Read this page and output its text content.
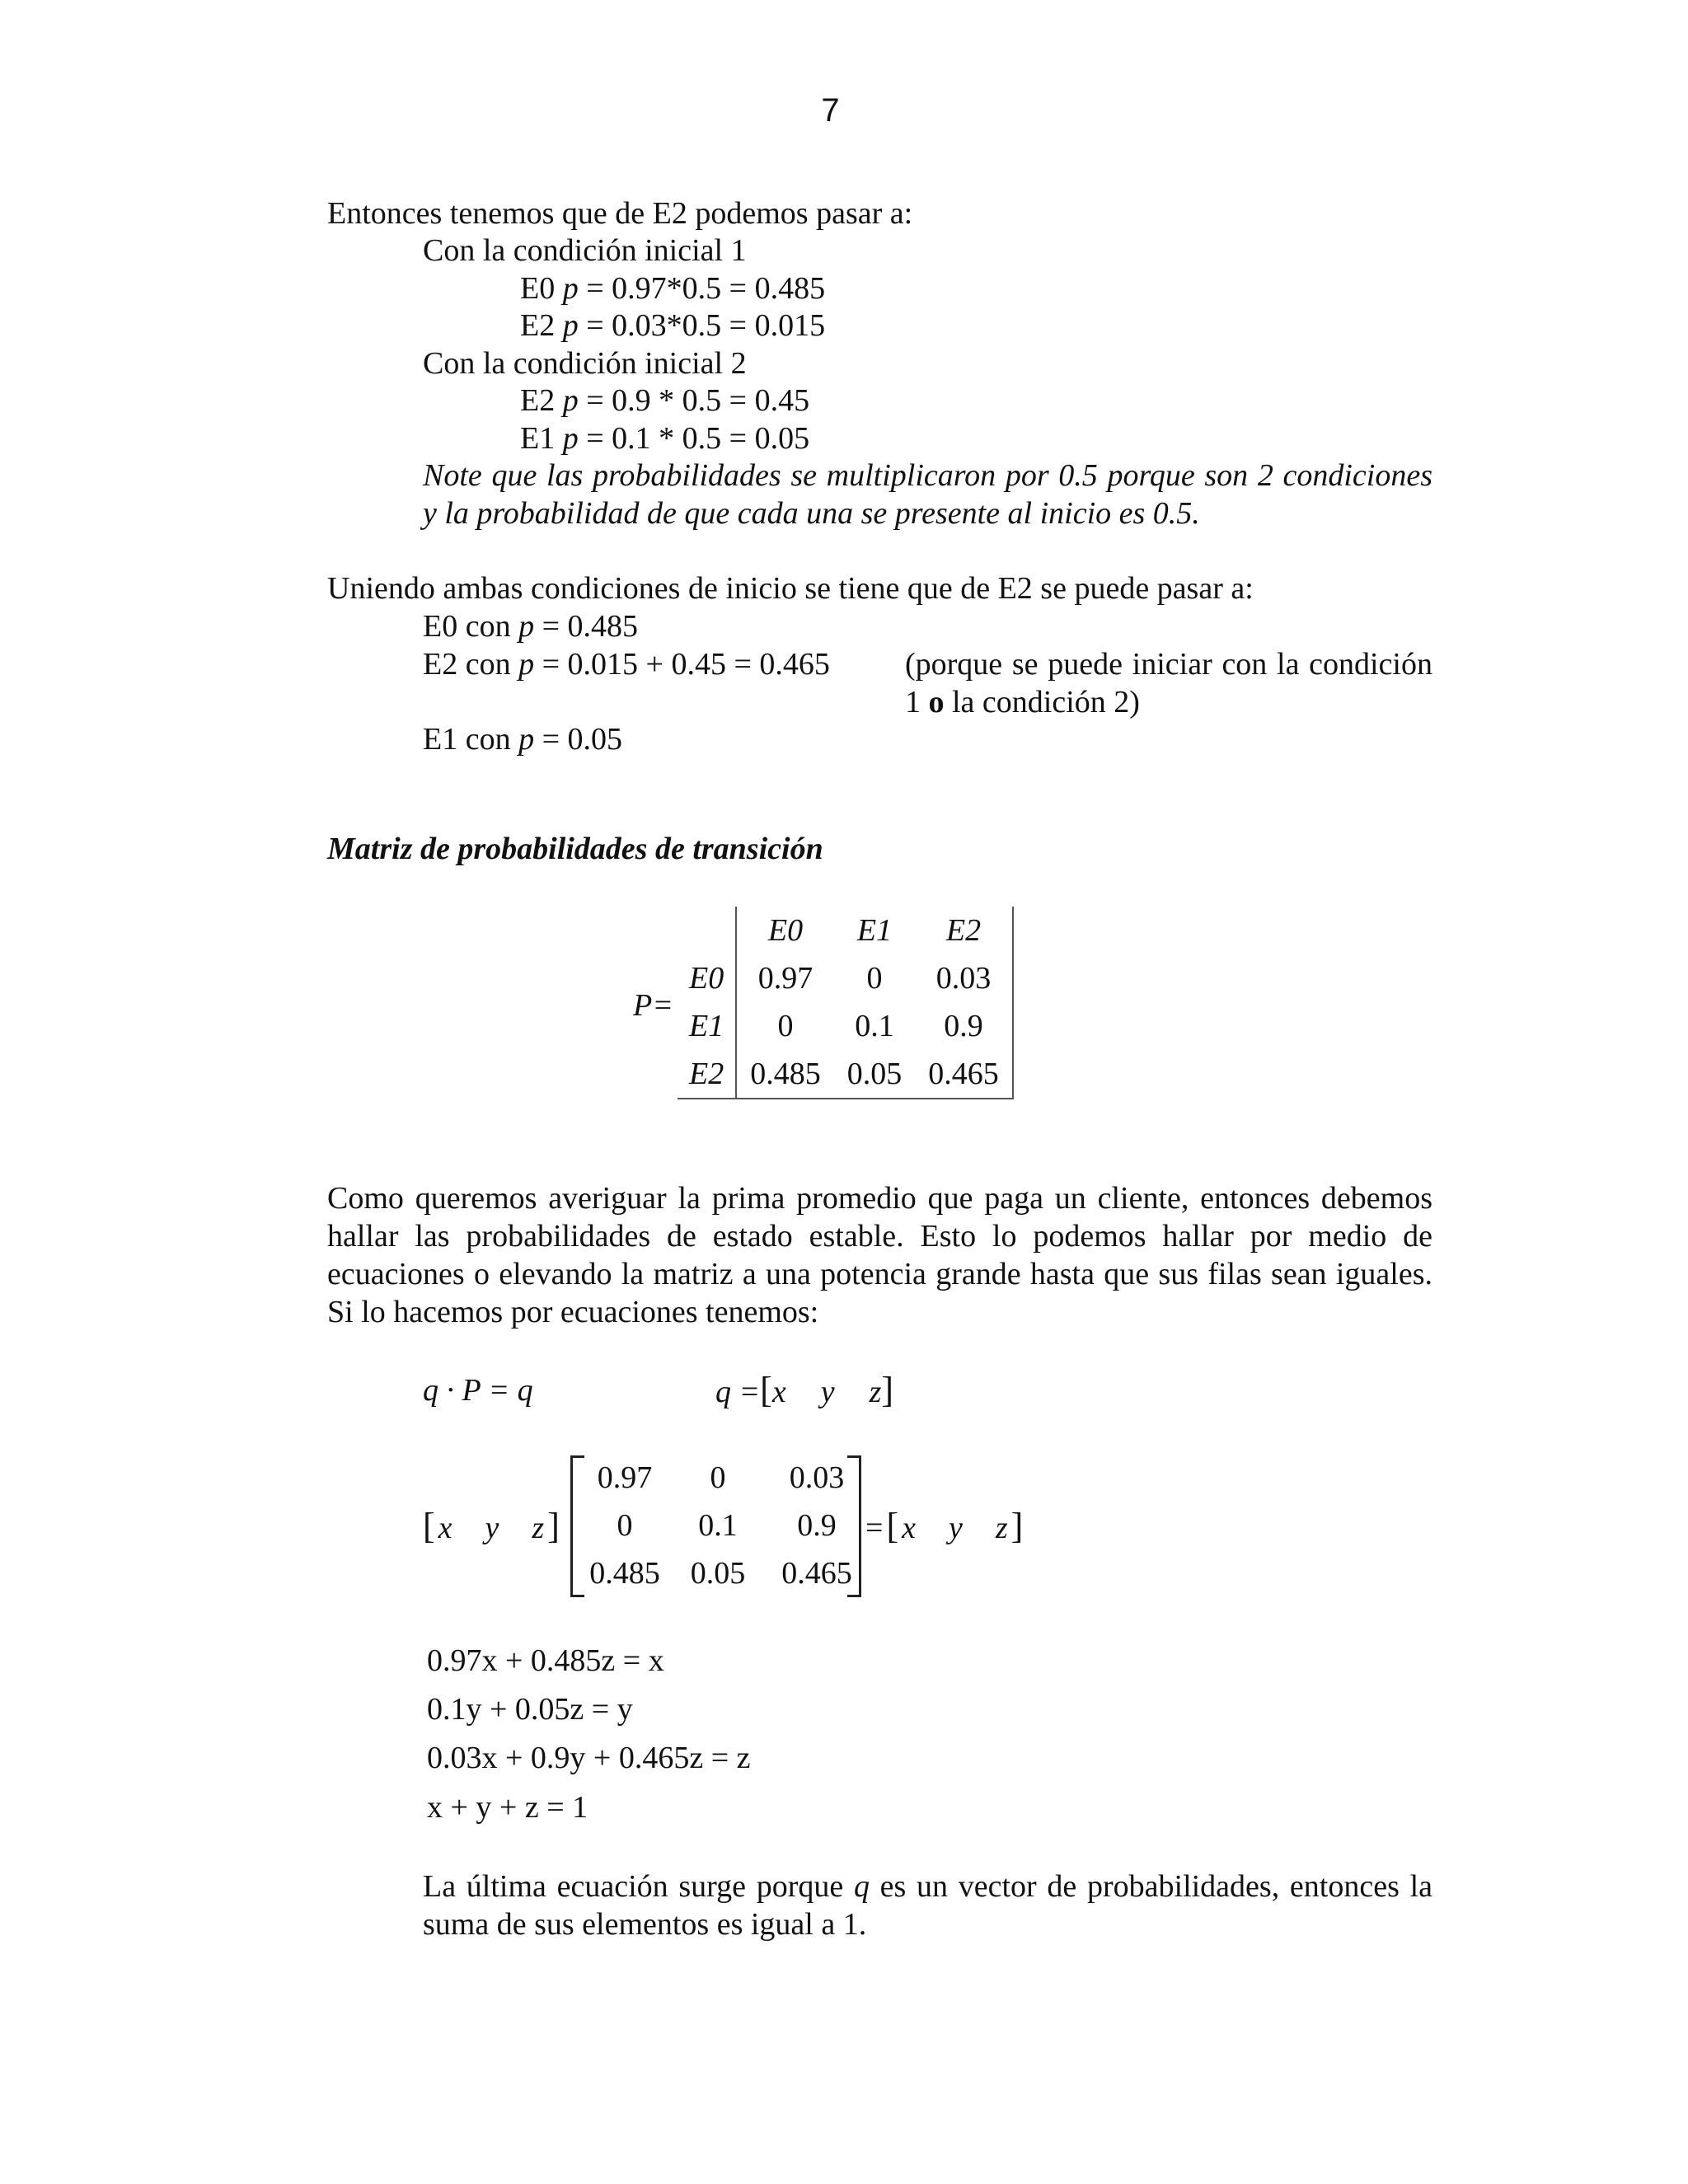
7
Entonces tenemos que de E2 podemos pasar a:
Con la condición inicial 1
E0 p = 0.97*0.5 = 0.485
E2 p = 0.03*0.5 = 0.015
Con la condición inicial 2
E2 p = 0.9 * 0.5 = 0.45
E1 p = 0.1 * 0.5 = 0.05
Note que las probabilidades se multiplicaron por 0.5 porque son 2 condiciones y la probabilidad de que cada una se presente al inicio es 0.5.
Uniendo ambas condiciones de inicio se tiene que de E2 se puede pasar a:
E0 con p = 0.485
E2 con p = 0.015 + 0.45 = 0.465 (porque se puede iniciar con la condición 1 o la condición 2)
E1 con p = 0.05
Matriz de probabilidades de transición
P=
	E0	E1	E2
E0	0.97	0	0.03
E1	0	0.1	0.9
E2	0.485	0.05	0.465
Como queremos averiguar la prima promedio que paga un cliente, entonces debemos hallar las probabilidades de estado estable. Esto lo podemos hallar por medio de ecuaciones o elevando la matriz a una potencia grande hasta que sus filas sean iguales. Si lo hacemos por ecuaciones tenemos:
q · P = q	q =[x y z]
[ x y z]
0.97	0	0.03
0	0.1	0.9
0.485	0.05	0.465
=[ x y z]
0.97x + 0.485z = x
0.1y + 0.05z = y
0.03x + 0.9y + 0.465z = z
x + y + z = 1
La última ecuación surge porque q es un vector de probabilidades, entonces la suma de sus elementos es igual a 1.
